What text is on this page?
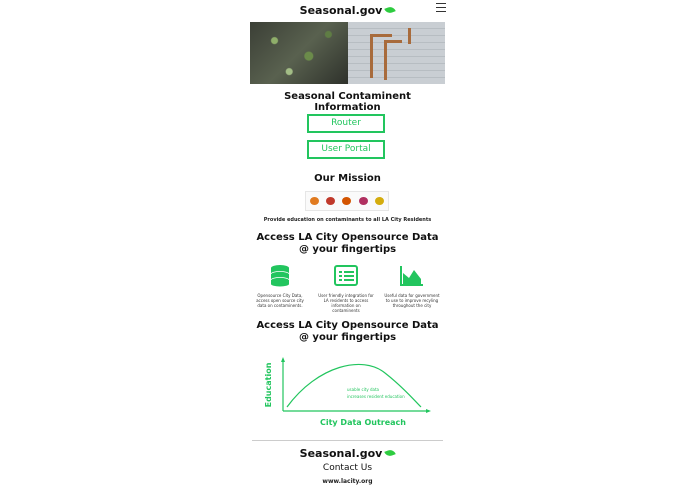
Seasonal.gov
Seasonal Contaminent Information
Router
User Portal
Our Mission
Provide education on contaminants to all LA City Residents
Access LA City Opensource Data
@ your fingertips
Opensource City Data, access open source city data on contaminents.
User friendly integration for LA residents to access information on contaminents
Useful data for government to use to improve recyling throughout the city
Access LA City Opensource Data
@ your fingertips
Education
City Data Outreach
usable city data
increases resident education
Seasonal.gov
Contact Us
www.lacity.org
